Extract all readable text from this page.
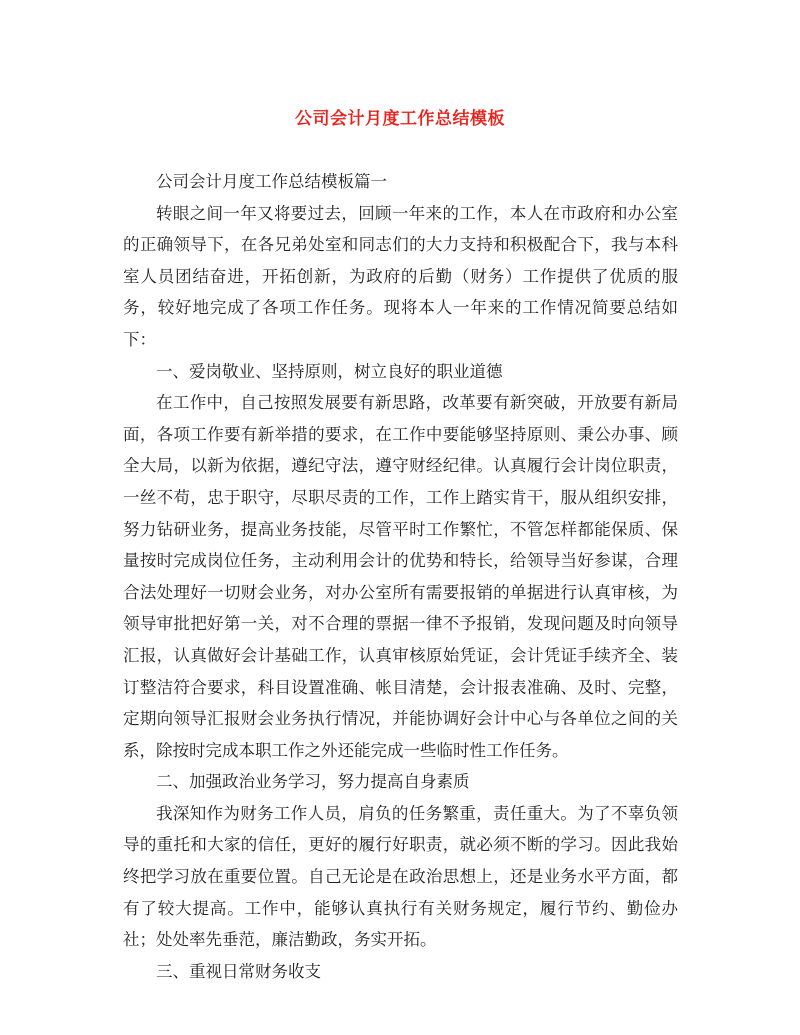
公司会计月度工作总结模板

公司会计月度工作总结模板篇一

转眼之间一年又将要过去，回顾一年来的工作，本人在市政府和办公室的正确领导下，在各兄弟处室和同志们的大力支持和积极配合下，我与本科室人员团结奋进，开拓创新，为政府的后勤（财务）工作提供了优质的服务，较好地完成了各项工作任务。现将本人一年来的工作情况简要总结如下：

一、爱岗敬业、坚持原则，树立良好的职业道德

在工作中，自己按照发展要有新思路，改革要有新突破，开放要有新局面，各项工作要有新举措的要求，在工作中要能够坚持原则、秉公办事、顾全大局，以新为依据，遵纪守法，遵守财经纪律。认真履行会计岗位职责，一丝不苟，忠于职守，尽职尽责的工作，工作上踏实肯干，服从组织安排，努力钻研业务，提高业务技能，尽管平时工作繁忙，不管怎样都能保质、保量按时完成岗位任务，主动利用会计的优势和特长，给领导当好参谋，合理合法处理好一切财会业务，对办公室所有需要报销的单据进行认真审核，为领导审批把好第一关，对不合理的票据一律不予报销，发现问题及时向领导汇报，认真做好会计基础工作，认真审核原始凭证，会计凭证手续齐全、装订整洁符合要求，科目设置准确、帐目清楚，会计报表准确、及时、完整，定期向领导汇报财会业务执行情况，并能协调好会计中心与各单位之间的关系，除按时完成本职工作之外还能完成一些临时性工作任务。

二、加强政治业务学习，努力提高自身素质

我深知作为财务工作人员，肩负的任务繁重，责任重大。为了不辜负领导的重托和大家的信任，更好的履行好职责，就必须不断的学习。因此我始终把学习放在重要位置。自己无论是在政治思想上，还是业务水平方面，都有了较大提高。工作中，能够认真执行有关财务规定，履行节约、勤俭办社；处处率先垂范，廉洁勤政，务实开拓。

三、重视日常财务收支
